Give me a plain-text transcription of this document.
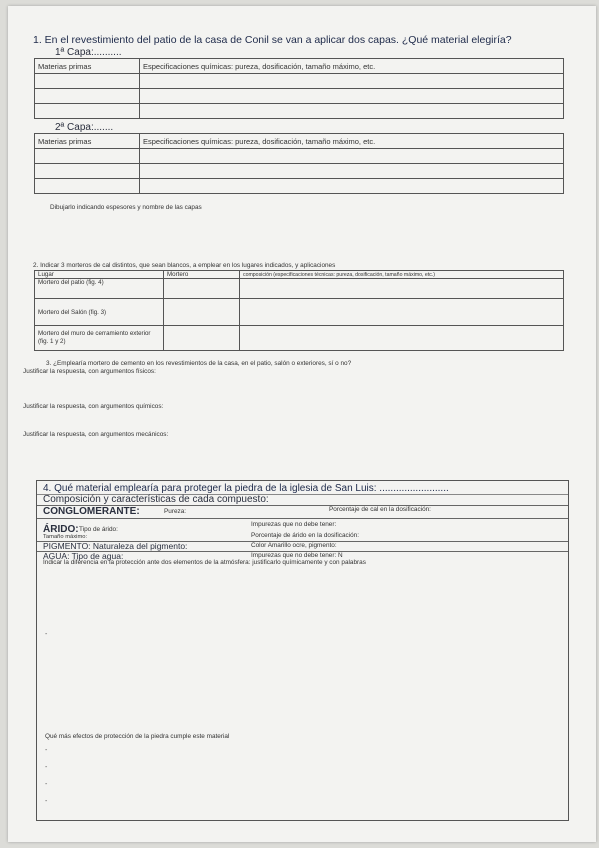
1. En el revestimiento del patio de la casa de Conil se van a aplicar dos capas. ¿Qué material elegiría?
1ª Capa:..........
Materias primas	Especificaciones químicas: pureza, dosificación, tamaño máximo, etc.

2ª Capa:.......
Materias primas	Especificaciones químicas: pureza, dosificación, tamaño máximo, etc.

Dibujarlo indicando espesores y nombre de las capas
2. Indicar 3 morteros de cal distintos, que sean blancos, a emplear en los lugares indicados, y aplicaciones
Lugar	Mortero	composición (especificaciones técnicas: pureza, dosificación, tamaño máximo, etc.)
Mortero del patio (fig. 4)		
Mortero del Salón (fig. 3)		
Mortero del muro de cerramiento exterior (fig. 1 y 2)		
3. ¿Emplearía mortero de cemento en los revestimientos de la casa, en el patio, salón o exteriores, sí o no?
Justificar la respuesta, con argumentos físicos:
Justificar la respuesta, con argumentos químicos:
Justificar la respuesta, con argumentos mecánicos:
4. Qué material emplearía para proteger la piedra de la iglesia de San Luis: .........................
Composición y características de cada compuesto:
CONGLOMERANTE:	Pureza:	Porcentaje de cal en la dosificación:
ÁRIDO: Tipo de árido:
Tamaño máximo:
Impurezas que no debe tener:
Porcentaje de árido en la dosificación:
PIGMENTO: Naturaleza del pigmento:	Color Amarillo ocre, pigmento:
AGUA: Tipo de agua:	Impurezas que no debe tener: N
Indicar la diferencia en la protección ante dos elementos de la atmósfera: justificarlo químicamente y con palabras
-
Qué más efectos de protección de la piedra cumple este material
-
-
-
-
